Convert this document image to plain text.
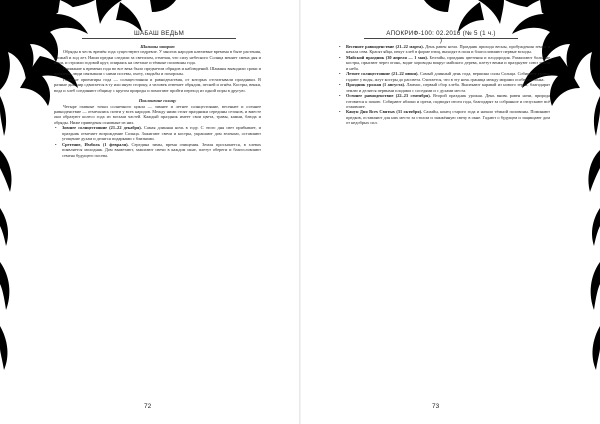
ШАБАШ ВЕДЬМ

Шаманы заворот

Обряды в честь времён года существуют издревле. У многих народов ключевые времена в быте растения, урожай и ход лет. Наши предки следили за светилом, отмечая, что силу небесного Солнца меняет смена дня и ночи, и строили годовой круг, опираясь на светлые и тёмные половины года.

Внимание к времени года во все века было предметом обрядов и наблюдений. Шаманы выводили сроки и приметы, люди связывали с ними посевы, охоту, свадьбы и похороны.

Главные ориентиры года — солнцестояния и равноденствия, от которых отсчитывали праздники. В разные дни мир сдвигается в ту или иную сторону, а человек отвечает обрядом, песней и огнём. Костры, венки, вода и хлеб соединяют общину с кругом природы и помогают пройти переход из одной поры в другую.

Поклонение солнцу

Четыре главные точки солнечного цикла — зимнее и летнее солнцестояние, весеннее и осеннее равноденствие — отмечались почти у всех народов. Между ними стоят праздники середины сезонов, и вместе они образуют колесо года из восьми частей. Каждый праздник имеет свои цвета, травы, камни, блюда и обряды. Ниже приведены основные из них.

• Зимнее солнцестояние (21–22 декабря). Самая длинная ночь в году. С этого дня свет прибывает, и праздник отмечает возрождение Солнца. Зажигают свечи и костры, украшают дом зеленью, оставляют угощение духам и делятся подарками с близкими.

• Сретение, Имболк (1 февраля). Середина зимы, время очищения. Земля просыпается, в хлевах появляется молодняк. Дом выметают, зажигают свечи в каждом окне, плетут обереги и благословляют семена будущего посева.

72
АПОКРИФ-100: 02.2016 (№ 5 (1 ч.) )

• Весеннее равноденствие (21–22 марта). День равен ночи. Праздник прихода весны, пробуждения земли и начала сева. Красят яйца, пекут хлеб в форме птиц, выходят в поля и благословляют первые всходы.

• Майский праздник (30 апреля — 1 мая). Белтайн, праздник цветения и плодородия. Разжигают большие костры, прыгают через огонь, водят хороводы вокруг майского дерева, плетут венки и празднуют союз земли и неба.

• Летнее солнцестояние (21–22 июня). Самый длинный день года, вершина силы Солнца. Собирают травы, гадают у воды, жгут костры до рассвета. Считается, что в эту ночь граница между мирами особенно тонка.

• Праздник урожая (1 августа). Ламмас, первый сбор хлеба. Выпекают каравай из нового зерна, благодарят землю и делятся первыми плодами с соседями и с духами места.

• Осеннее равноденствие (22–23 сентября). Второй праздник урожая. День вновь равен ночи, природа готовится к покою. Собирают яблоки и орехи, подводят итоги года, благодарят за собранное и отпускают всё отжившее.

• Канун Дня Всех Святых (31 октября). Самайн, конец старого года и начало тёмной половины. Поминают предков, оставляют для них место за столом и зажжённую свечу в окне. Гадают о будущем и защищают дом от недобрых сил.

73
